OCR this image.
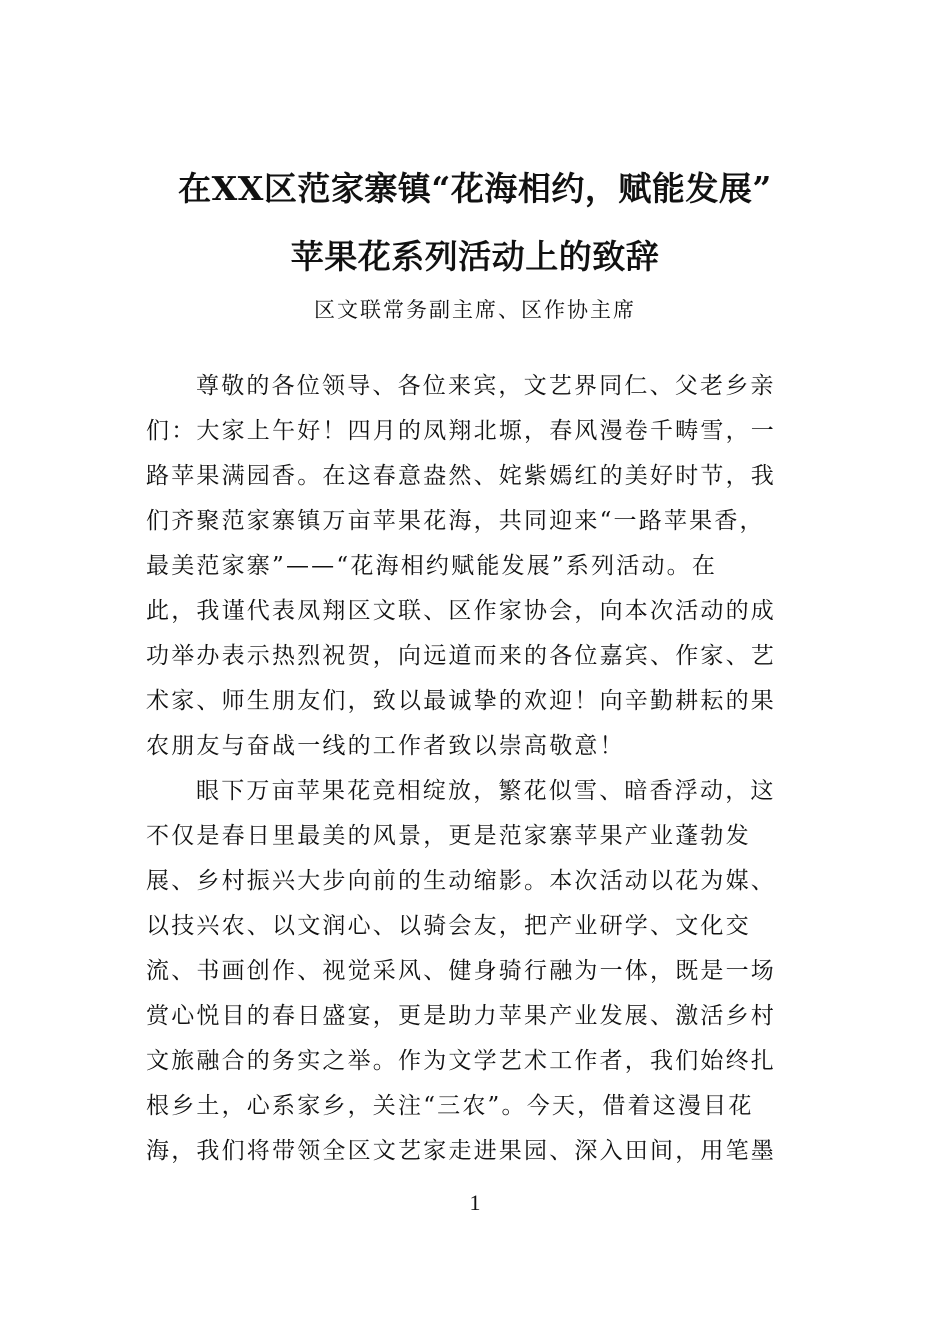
在XX区范家寨镇“花海相约，赋能发展”
苹果花系列活动上的致辞
区文联常务副主席、区作协主席
尊敬的各位领导、各位来宾，文艺界同仁、父老乡亲
们：大家上午好！四月的凤翔北塬，春风漫卷千畴雪，一
路苹果满园香。在这春意盎然、姹紫嫣红的美好时节，我
们齐聚范家寨镇万亩苹果花海，共同迎来“一路苹果香，
最美范家寨”——“花海相约赋能发展”系列活动。在
此，我谨代表凤翔区文联、区作家协会，向本次活动的成
功举办表示热烈祝贺，向远道而来的各位嘉宾、作家、艺
术家、师生朋友们，致以最诚挚的欢迎！向辛勤耕耘的果
农朋友与奋战一线的工作者致以崇高敬意！
眼下万亩苹果花竞相绽放，繁花似雪、暗香浮动，这
不仅是春日里最美的风景，更是范家寨苹果产业蓬勃发
展、乡村振兴大步向前的生动缩影。本次活动以花为媒、
以技兴农、以文润心、以骑会友，把产业研学、文化交
流、书画创作、视觉采风、健身骑行融为一体，既是一场
赏心悦目的春日盛宴，更是助力苹果产业发展、激活乡村
文旅融合的务实之举。作为文学艺术工作者，我们始终扎
根乡土，心系家乡，关注“三农”。今天，借着这漫目花
海，我们将带领全区文艺家走进果园、深入田间，用笔墨
1
